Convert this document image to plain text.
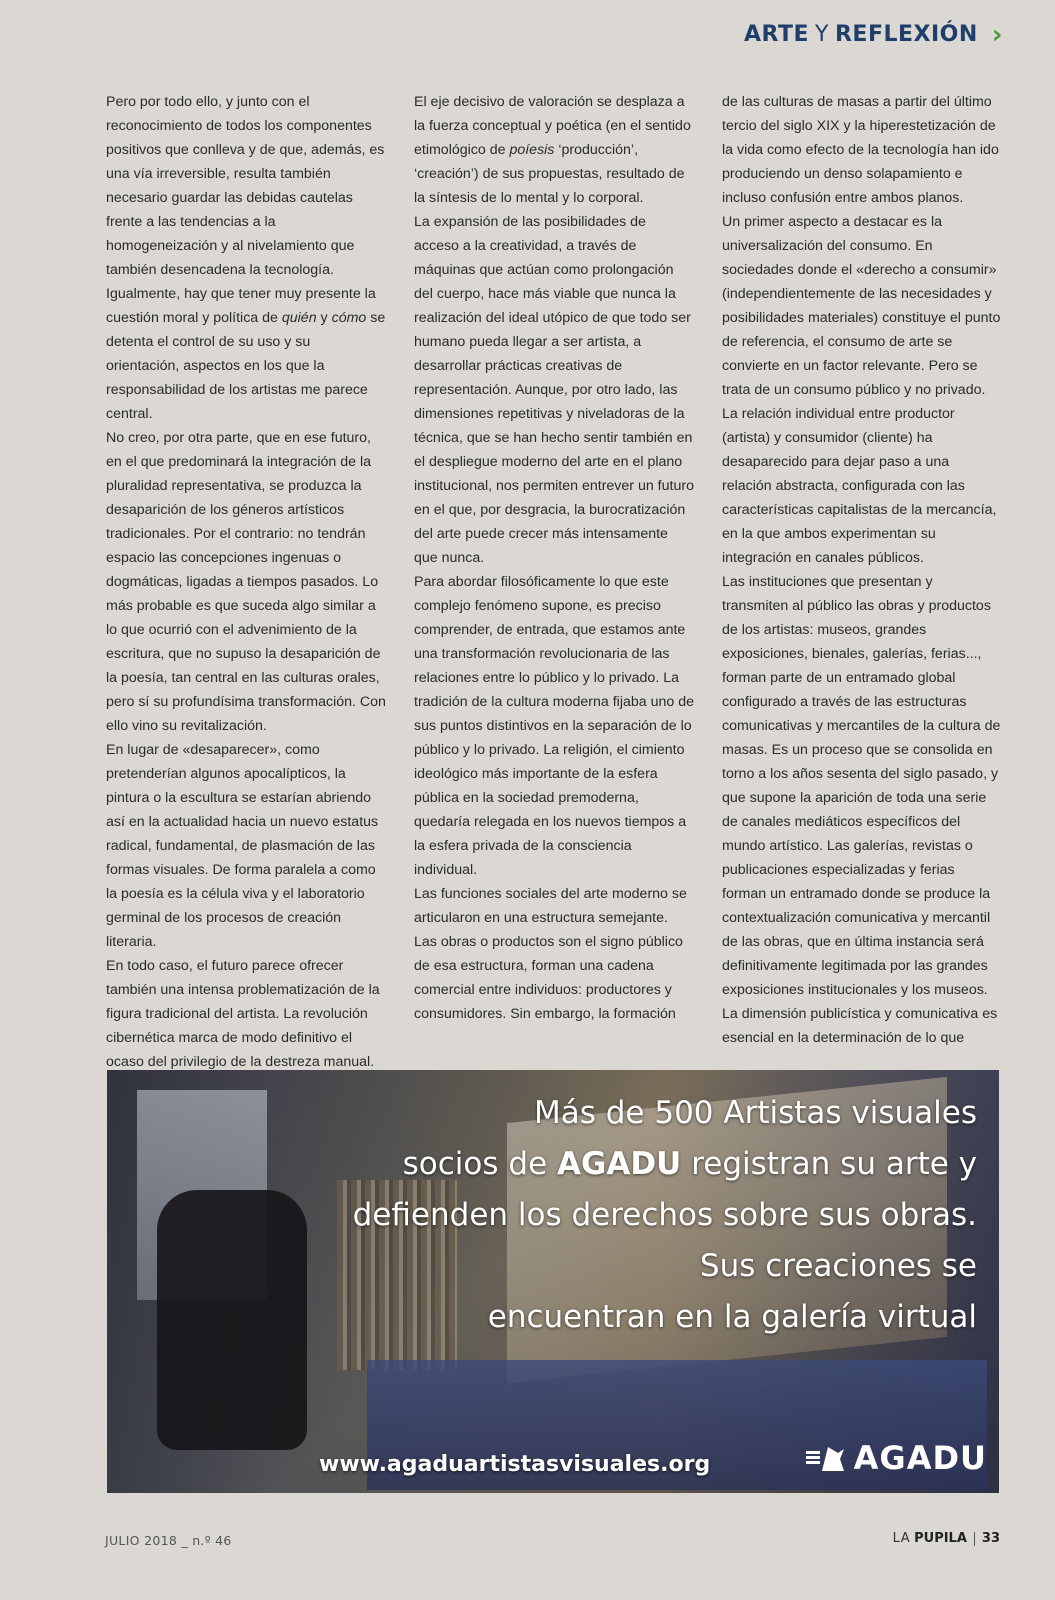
ARTE Y REFLEXIÓN ›

Pero por todo ello, y junto con el reconocimiento de todos los componentes positivos que conlleva y de que, además, es una vía irreversible, resulta también necesario guardar las debidas cautelas frente a las tendencias a la homogeneización y al nivelamiento que también desencadena la tecnología. Igualmente, hay que tener muy presente la cuestión moral y política de quién y cómo se detenta el control de su uso y su orientación, aspectos en los que la responsabilidad de los artistas me parece central.

No creo, por otra parte, que en ese futuro, en el que predominará la integración de la pluralidad representativa, se produzca la desaparición de los géneros artísticos tradicionales. Por el contrario: no tendrán espacio las concepciones ingenuas o dogmáticas, ligadas a tiempos pasados. Lo más probable es que suceda algo similar a lo que ocurrió con el advenimiento de la escritura, que no supuso la desaparición de la poesía, tan central en las culturas orales, pero sí su profundísima transformación. Con ello vino su revitalización.

En lugar de «desaparecer», como pretenderían algunos apocalípticos, la pintura o la escultura se estarían abriendo así en la actualidad hacia un nuevo estatus radical, fundamental, de plasmación de las formas visuales. De forma paralela a como la poesía es la célula viva y el laboratorio germinal de los procesos de creación literaria.

En todo caso, el futuro parece ofrecer también una intensa problematización de la figura tradicional del artista. La revolución cibernética marca de modo definitivo el ocaso del privilegio de la destreza manual.

El eje decisivo de valoración se desplaza a la fuerza conceptual y poética (en el sentido etimológico de poíesis ‘producción’, ‘creación’) de sus propuestas, resultado de la síntesis de lo mental y lo corporal.

La expansión de las posibilidades de acceso a la creatividad, a través de máquinas que actúan como prolongación del cuerpo, hace más viable que nunca la realización del ideal utópico de que todo ser humano pueda llegar a ser artista, a desarrollar prácticas creativas de representación. Aunque, por otro lado, las dimensiones repetitivas y niveladoras de la técnica, que se han hecho sentir también en el despliegue moderno del arte en el plano institucional, nos permiten entrever un futuro en el que, por desgracia, la burocratización del arte puede crecer más intensamente que nunca.

Para abordar filosóficamente lo que este complejo fenómeno supone, es preciso comprender, de entrada, que estamos ante una transformación revolucionaria de las relaciones entre lo público y lo privado. La tradición de la cultura moderna fijaba uno de sus puntos distintivos en la separación de lo público y lo privado. La religión, el cimiento ideológico más importante de la esfera pública en la sociedad premoderna, quedaría relegada en los nuevos tiempos a la esfera privada de la consciencia individual.

Las funciones sociales del arte moderno se articularon en una estructura semejante. Las obras o productos son el signo público de esa estructura, forman una cadena comercial entre individuos: productores y consumidores. Sin embargo, la formación

de las culturas de masas a partir del último tercio del siglo XIX y la hiperestetización de la vida como efecto de la tecnología han ido produciendo un denso solapamiento e incluso confusión entre ambos planos.

Un primer aspecto a destacar es la universalización del consumo. En sociedades donde el «derecho a consumir» (independientemente de las necesidades y posibilidades materiales) constituye el punto de referencia, el consumo de arte se convierte en un factor relevante. Pero se trata de un consumo público y no privado. La relación individual entre productor (artista) y consumidor (cliente) ha desaparecido para dejar paso a una relación abstracta, configurada con las características capitalistas de la mercancía, en la que ambos experimentan su integración en canales públicos.

Las instituciones que presentan y transmiten al público las obras y productos de los artistas: museos, grandes exposiciones, bienales, galerías, ferias..., forman parte de un entramado global configurado a través de las estructuras comunicativas y mercantiles de la cultura de masas. Es un proceso que se consolida en torno a los años sesenta del siglo pasado, y que supone la aparición de toda una serie de canales mediáticos específicos del mundo artístico. Las galerías, revistas o publicaciones especializadas y ferias forman un entramado donde se produce la contextualización comunicativa y mercantil de las obras, que en última instancia será definitivamente legitimada por las grandes exposiciones institucionales y los museos.

La dimensión publicística y comunicativa es esencial en la determinación de lo que

Más de 500 Artistas visuales
socios de AGADU registran su arte y
defienden los derechos sobre sus obras.
Sus creaciones se
encuentran en la galería virtual
www.agaduartistasvisuales.org	AGADU
JULIO 2018 _ n.º 46	LA PUPILA 33
